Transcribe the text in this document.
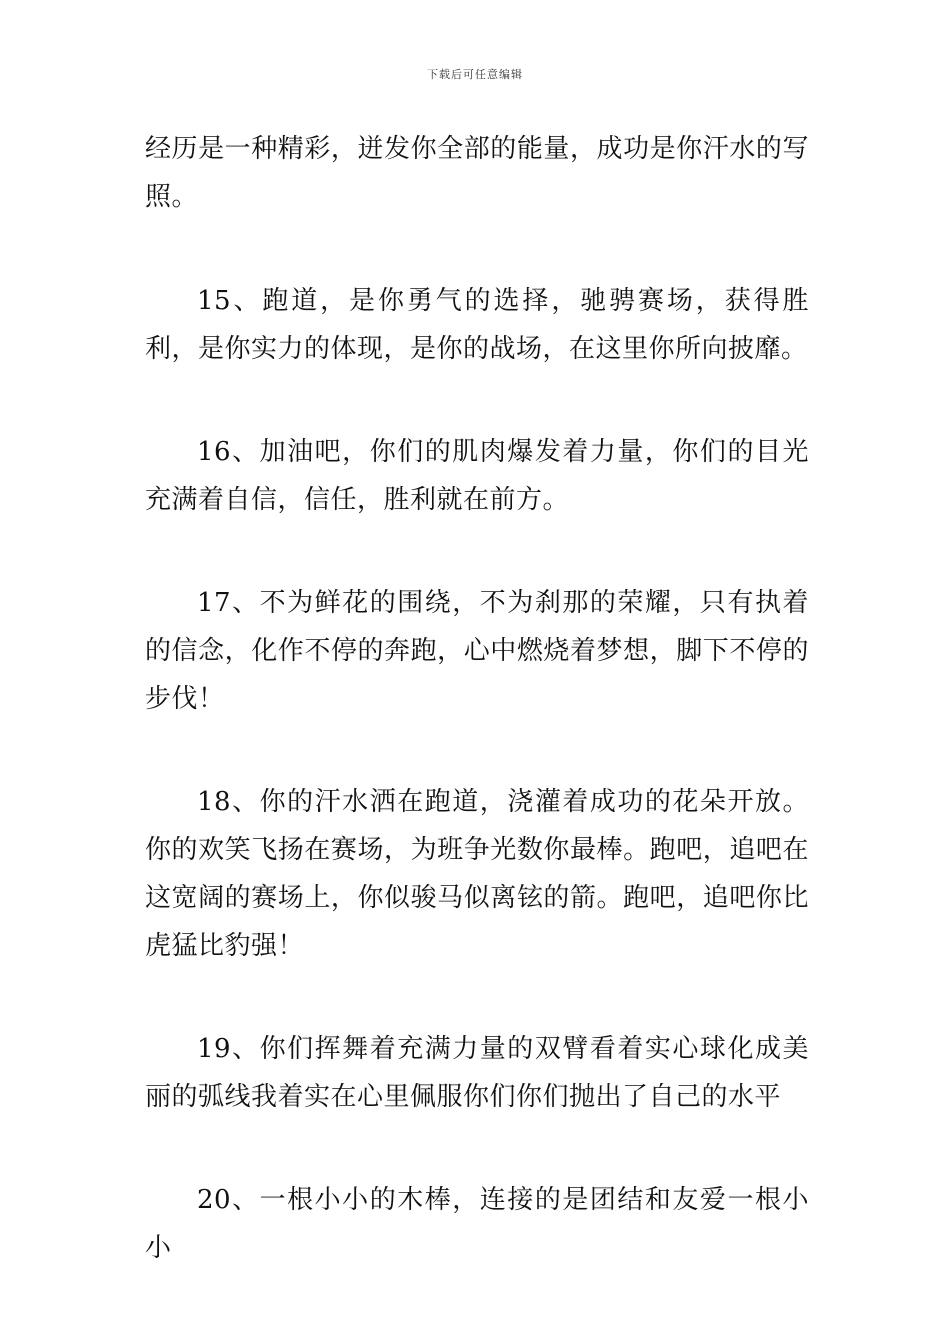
下载后可任意编辑

经历是一种精彩，迸发你全部的能量，成功是你汗水的写照。

15、跑道，是你勇气的选择，驰骋赛场，获得胜利，是你实力的体现，是你的战场，在这里你所向披靡。

16、加油吧，你们的肌肉爆发着力量，你们的目光充满着自信，信任，胜利就在前方。

17、不为鲜花的围绕，不为刹那的荣耀，只有执着的信念，化作不停的奔跑，心中燃烧着梦想，脚下不停的步伐！

18、你的汗水洒在跑道，浇灌着成功的花朵开放。你的欢笑飞扬在赛场，为班争光数你最棒。跑吧，追吧在这宽阔的赛场上，你似骏马似离铉的箭。跑吧，追吧你比虎猛比豹强！

19、你们挥舞着充满力量的双臂看着实心球化成美丽的弧线我着实在心里佩服你们你们抛出了自己的水平

20、一根小小的木棒，连接的是团结和友爱一根小小
